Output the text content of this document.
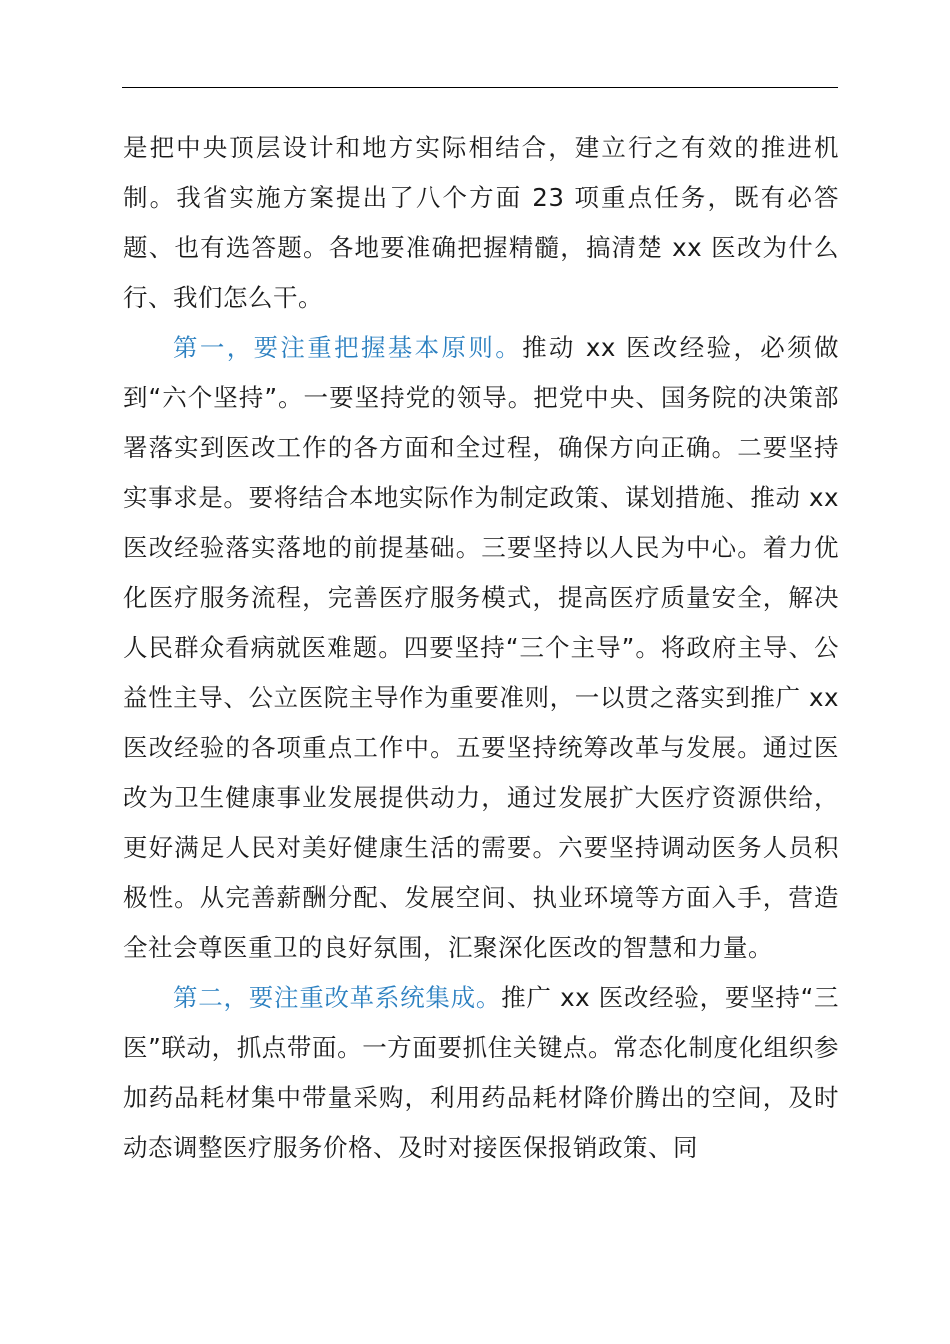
是把中央顶层设计和地方实际相结合，建立行之有效的推进机制。我省实施方案提出了八个方面 23 项重点任务，既有必答题、也有选答题。各地要准确把握精髓，搞清楚 xx 医改为什么行、我们怎么干。

第一，要注重把握基本原则。推动 xx 医改经验，必须做到“六个坚持”。一要坚持党的领导。把党中央、国务院的决策部署落实到医改工作的各方面和全过程，确保方向正确。二要坚持实事求是。要将结合本地实际作为制定政策、谋划措施、推动 xx 医改经验落实落地的前提基础。三要坚持以人民为中心。着力优化医疗服务流程，完善医疗服务模式，提高医疗质量安全，解决人民群众看病就医难题。四要坚持“三个主导”。将政府主导、公益性主导、公立医院主导作为重要准则，一以贯之落实到推广 xx 医改经验的各项重点工作中。五要坚持统筹改革与发展。通过医改为卫生健康事业发展提供动力，通过发展扩大医疗资源供给，更好满足人民对美好健康生活的需要。六要坚持调动医务人员积极性。从完善薪酬分配、发展空间、执业环境等方面入手，营造全社会尊医重卫的良好氛围，汇聚深化医改的智慧和力量。

第二，要注重改革系统集成。推广 xx 医改经验，要坚持“三医”联动，抓点带面。一方面要抓住关键点。常态化制度化组织参加药品耗材集中带量采购，利用药品耗材降价腾出的空间，及时动态调整医疗服务价格、及时对接医保报销政策、同
